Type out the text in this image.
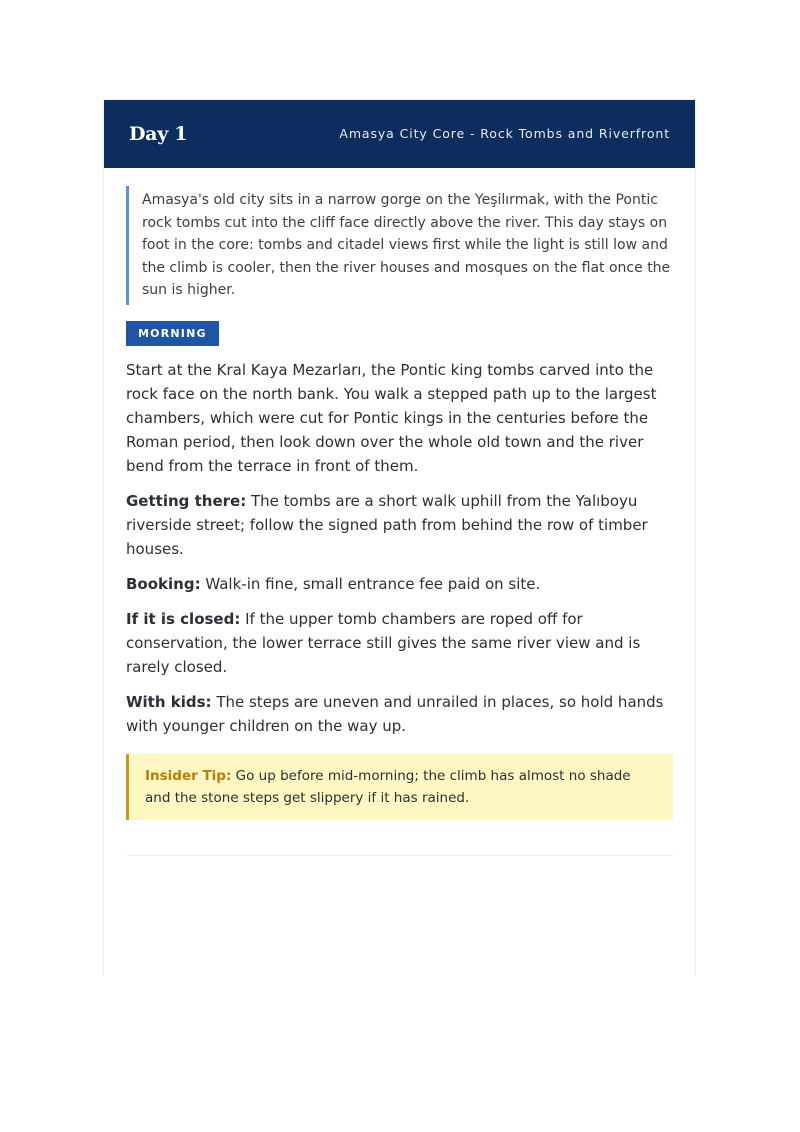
Day 1	Amasya City Core - Rock Tombs and Riverfront
Amasya's old city sits in a narrow gorge on the Yeşilırmak, with the Pontic rock tombs cut into the cliff face directly above the river. This day stays on foot in the core: tombs and citadel views first while the light is still low and the climb is cooler, then the river houses and mosques on the flat once the sun is higher.
MORNING

Start at the Kral Kaya Mezarları, the Pontic king tombs carved into the rock face on the north bank. You walk a stepped path up to the largest chambers, which were cut for Pontic kings in the centuries before the Roman period, then look down over the whole old town and the river bend from the terrace in front of them.

Getting there: The tombs are a short walk uphill from the Yalıboyu riverside street; follow the signed path from behind the row of timber houses.

Booking: Walk-in fine, small entrance fee paid on site.

If it is closed: If the upper tomb chambers are roped off for conservation, the lower terrace still gives the same river view and is rarely closed.

With kids: The steps are uneven and unrailed in places, so hold hands with younger children on the way up.

Insider Tip: Go up before mid-morning; the climb has almost no shade and the stone steps get slippery if it has rained.
